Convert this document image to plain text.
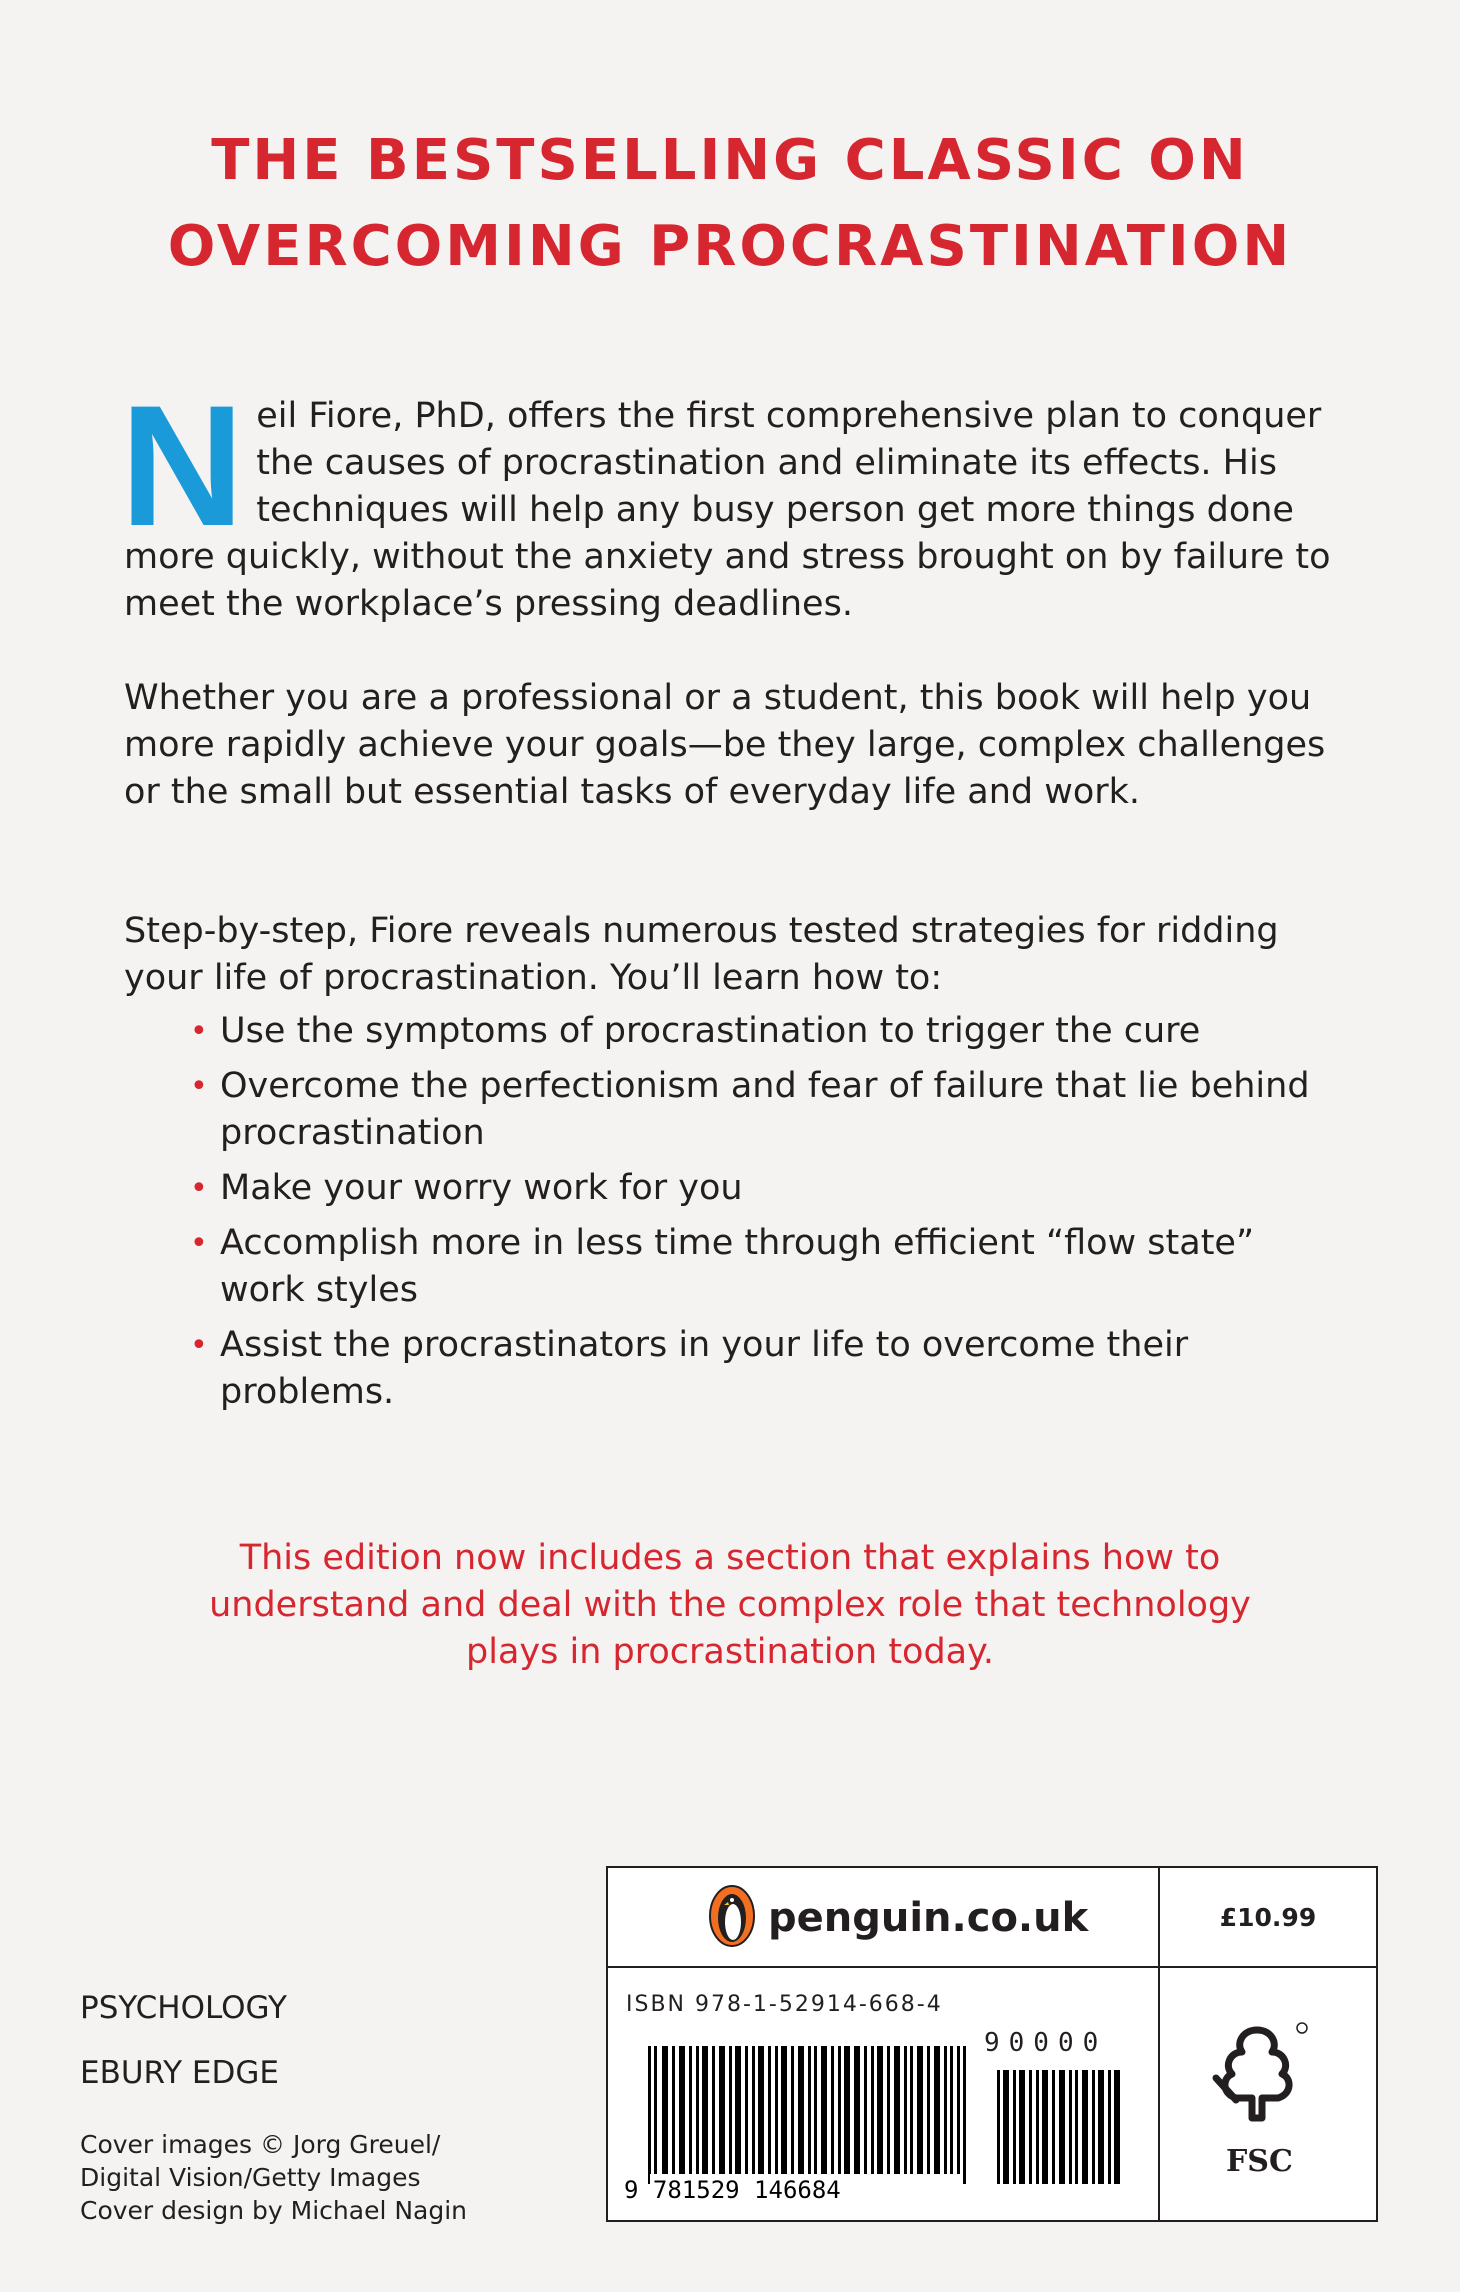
THE BESTSELLING CLASSIC ON
OVERCOMING PROCRASTINATION

Neil Fiore, PhD, offers the first comprehensive plan to conquer the causes of procrastination and eliminate its effects. His techniques will help any busy person get more things done more quickly, without the anxiety and stress brought on by failure to meet the workplace’s pressing deadlines.

Whether you are a professional or a student, this book will help you more rapidly achieve your goals—be they large, complex challenges or the small but essential tasks of everyday life and work.

Step-by-step, Fiore reveals numerous tested strategies for ridding your life of procrastination. You’ll learn how to:

• Use the symptoms of procrastination to trigger the cure
• Overcome the perfectionism and fear of failure that lie behind procrastination
• Make your worry work for you
• Accomplish more in less time through efficient “flow state” work styles
• Assist the procrastinators in your life to overcome their problems.

This edition now includes a section that explains how to
understand and deal with the complex role that technology
plays in procrastination today.

PSYCHOLOGY
EBURY EDGE
Cover images © Jorg Greuel/
Digital Vision/Getty Images
Cover design by Michael Nagin
penguin.co.uk	£10.99
ISBN 978-1-52914-668-4
9 781529 146684
90000
FSC
